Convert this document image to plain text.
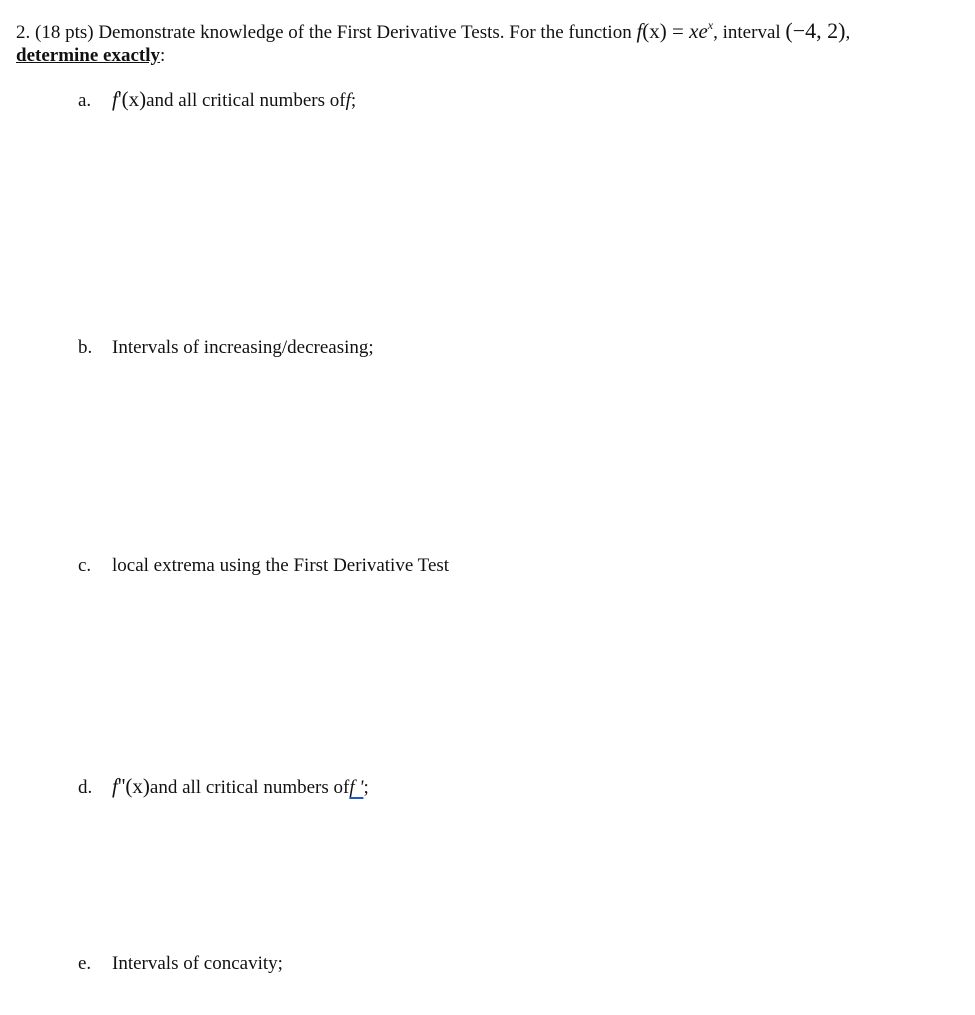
2. (18 pts) Demonstrate knowledge of the First Derivative Tests. For the function $f(x) = xe^x$, interval (−4, 2),
determine exactly:
a. f'(x) and all critical numbers of f ;
b.	Intervals of increasing/decreasing;
c.	local extrema using the First Derivative Test
d. f''(x) and all critical numbers of f ' ;
e.	Intervals of concavity;
